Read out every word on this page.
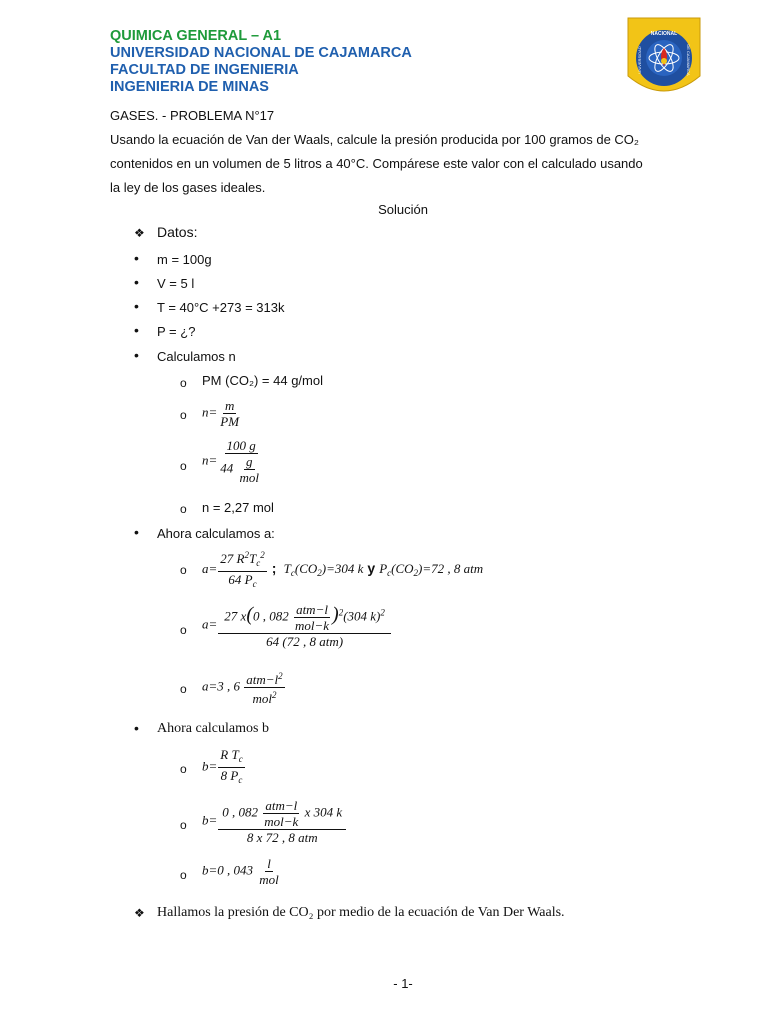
QUIMICA GENERAL – A1
UNIVERSIDAD NACIONAL DE CAJAMARCA
FACULTAD DE INGENIERIA
INGENIERIA DE MINAS
NACIONAL
UNIVERSIDAD	DE CAJAMARCA
GASES. - PROBLEMA N°17
Usando la ecuación de Van der Waals, calcule la presión producida por 100 gramos de CO₂
contenidos en un volumen de 5 litros a 40°C. Compárese este valor con el calculado usando
la ley de los gases ideales.
Solución
❖ Datos:
• m = 100g
• V = 5 l
• T = 40°C +273 = 313k
• P = ¿?
• Calculamos n
o PM (CO₂) = 44 g/mol
o $n= \frac{m}{PM}$
o $n= \frac{100 g}{44 \frac{g}{\text{mol}}}$
o n = 2,27 mol
• Ahora calculamos a:
o $a= \frac{27 R^2T_c^2}{64 P_c}$ ; $T_c(CO_2)=304$ k y $P_c(CO_2)=72$ , 8 atm
o $a= \frac{27 x(0 , 082 \frac{\text{atm−l}}{\text{mol−k}} )^2(304 k)^2}{\text{64 (72 , 8 atm)}}$
o a=3 , $6 \frac{atm-l^2}{mol^2}$
• Ahora calculamos b
o $b= \frac{R T_c}{8 P_c}$
o $b= \frac{0 , 082 \frac{\text{atm−l}}{\text{mol−k}} x 304 k}{\text{8 x 72 , 8 atm}}$
o b=0 , $043 \frac{l}{\text{mol}}$
❖ Hallamos la presión de CO₂ por medio de la ecuación de Van Der Waals.
- 1-
